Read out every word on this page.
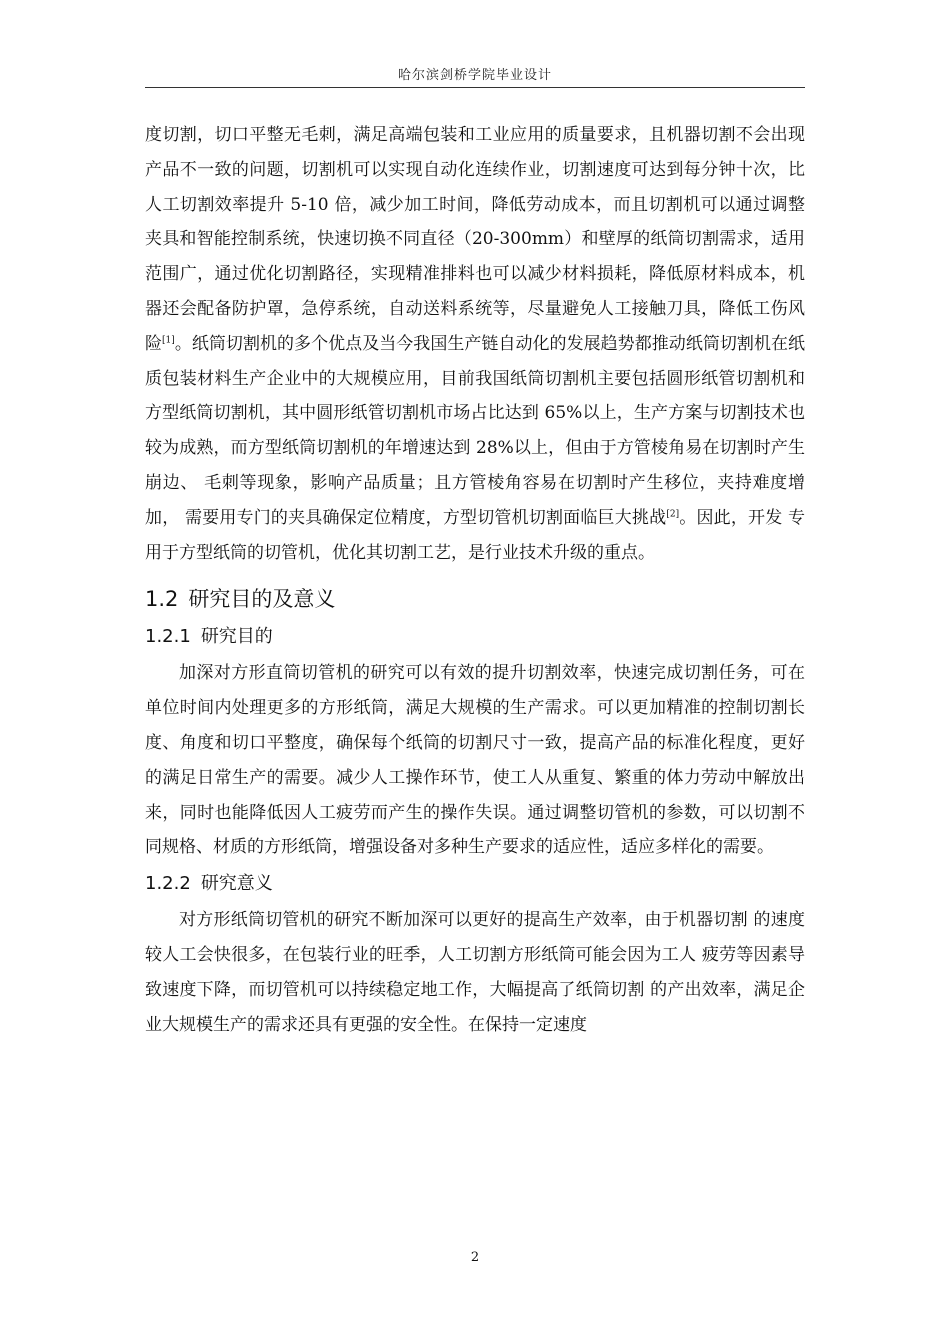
哈尔滨剑桥学院毕业设计

度切割，切口平整无毛刺，满足高端包装和工业应用的质量要求，且机器切割不会出现产品不一致的问题，切割机可以实现自动化连续作业，切割速度可达到每分钟十次，比人工切割效率提升 5-10 倍，减少加工时间，降低劳动成本，而且切割机可以通过调整夹具和智能控制系统，快速切换不同直径（20-300mm）和壁厚的纸筒切割需求，适用范围广，通过优化切割路径，实现精准排料也可以减少材料损耗，降低原材料成本，机器还会配备防护罩，急停系统，自动送料系统等，尽量避免人工接触刀具，降低工伤风险[1]。纸筒切割机的多个优点及当今我国生产链自动化的发展趋势都推动纸筒切割机在纸质包装材料生产企业中的大规模应用，目前我国纸筒切割机主要包括圆形纸管切割机和方型纸筒切割机，其中圆形纸管切割机市场占比达到 65%以上，生产方案与切割技术也较为成熟，而方型纸筒切割机的年增速达到 28%以上，但由于方管棱角易在切割时产生崩边、 毛刺等现象，影响产品质量；且方管棱角容易在切割时产生移位，夹持难度增加， 需要用专门的夹具确保定位精度，方型切管机切割面临巨大挑战[2]。因此，开发 专用于方型纸筒的切管机，优化其切割工艺，是行业技术升级的重点。

1.2 研究目的及意义
1.2.1 研究目的

加深对方形直筒切管机的研究可以有效的提升切割效率，快速完成切割任务，可在单位时间内处理更多的方形纸筒，满足大规模的生产需求。可以更加精准的控制切割长度、角度和切口平整度，确保每个纸筒的切割尺寸一致，提高产品的标准化程度，更好的满足日常生产的需要。减少人工操作环节，使工人从重复、繁重的体力劳动中解放出来，同时也能降低因人工疲劳而产生的操作失误。通过调整切管机的参数，可以切割不同规格、材质的方形纸筒，增强设备对多种生产要求的适应性，适应多样化的需要。

1.2.2 研究意义

对方形纸筒切管机的研究不断加深可以更好的提高生产效率，由于机器切割 的速度较人工会快很多，在包装行业的旺季，人工切割方形纸筒可能会因为工人 疲劳等因素导致速度下降，而切管机可以持续稳定地工作，大幅提高了纸筒切割 的产出效率，满足企业大规模生产的需求还具有更强的安全性。在保持一定速度

2
